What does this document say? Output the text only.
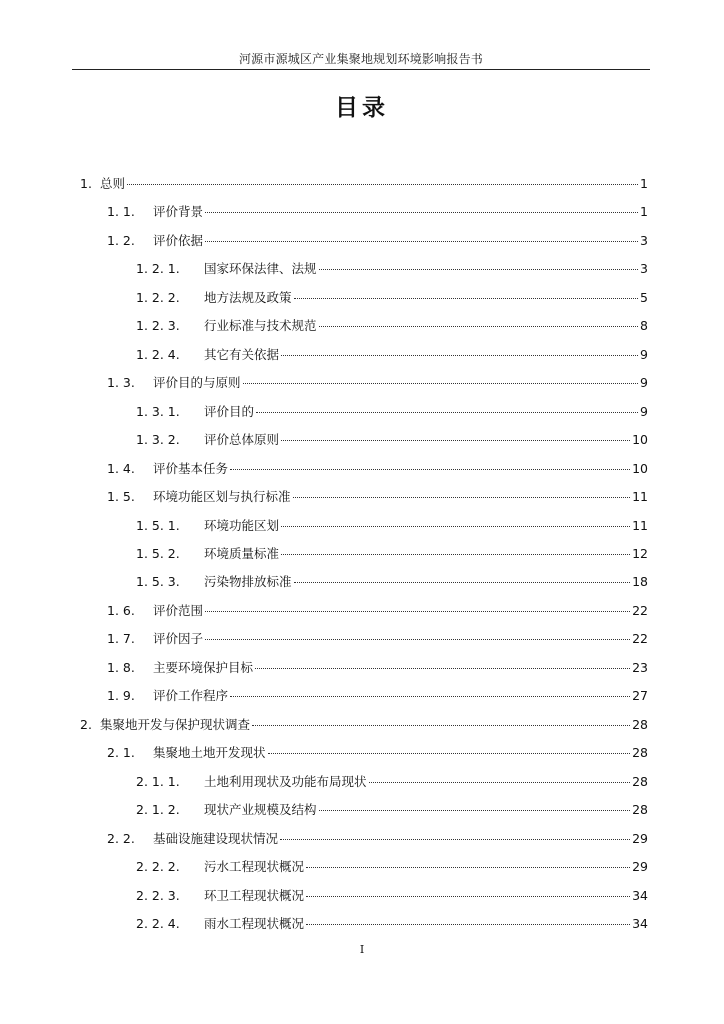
河源市源城区产业集聚地规划环境影响报告书
目录
1. 总则	1
1. 1.	评价背景	1
1. 2.	评价依据	3
1. 2. 1.	国家环保法律、法规	3
1. 2. 2.	地方法规及政策	5
1. 2. 3.	行业标准与技术规范	8
1. 2. 4.	其它有关依据	9
1. 3.	评价目的与原则	9
1. 3. 1.	评价目的	9
1. 3. 2.	评价总体原则	10
1. 4.	评价基本任务	10
1. 5.	环境功能区划与执行标准	11
1. 5. 1.	环境功能区划	11
1. 5. 2.	环境质量标准	12
1. 5. 3.	污染物排放标准	18
1. 6.	评价范围	22
1. 7.	评价因子	22
1. 8.	主要环境保护目标	23
1. 9.	评价工作程序	27
2. 集聚地开发与保护现状调查	28
2. 1.	集聚地土地开发现状	28
2. 1. 1.	土地利用现状及功能布局现状	28
2. 1. 2.	现状产业规模及结构	28
2. 2.	基础设施建设现状情况	29
2. 2. 2.	污水工程现状概况	29
2. 2. 3.	环卫工程现状概况	34
2. 2. 4.	雨水工程现状概况	34
I
